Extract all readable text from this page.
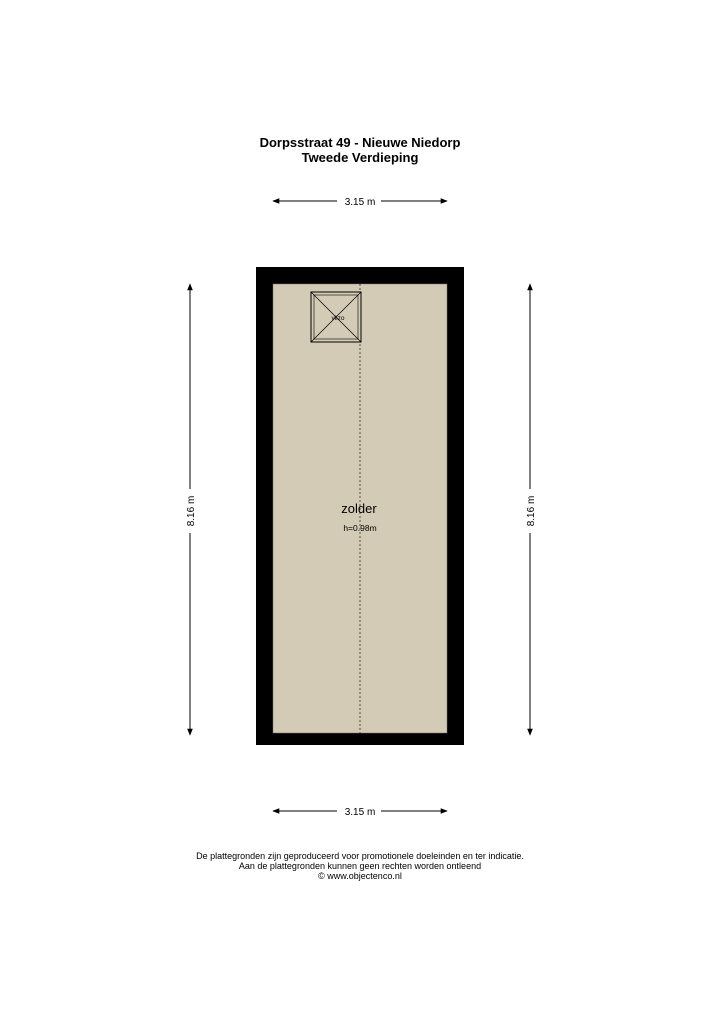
Dorpsstraat 49 - Nieuwe Niedorp
Tweede Verdieping
3.15 m
vlizo
zolder
h=0.98m
8.16 m	8.16 m
3.15 m
De plattegronden zijn geproduceerd voor promotionele doeleinden en ter indicatie.
Aan de plattegronden kunnen geen rechten worden ontleend
© www.objectenco.nl
